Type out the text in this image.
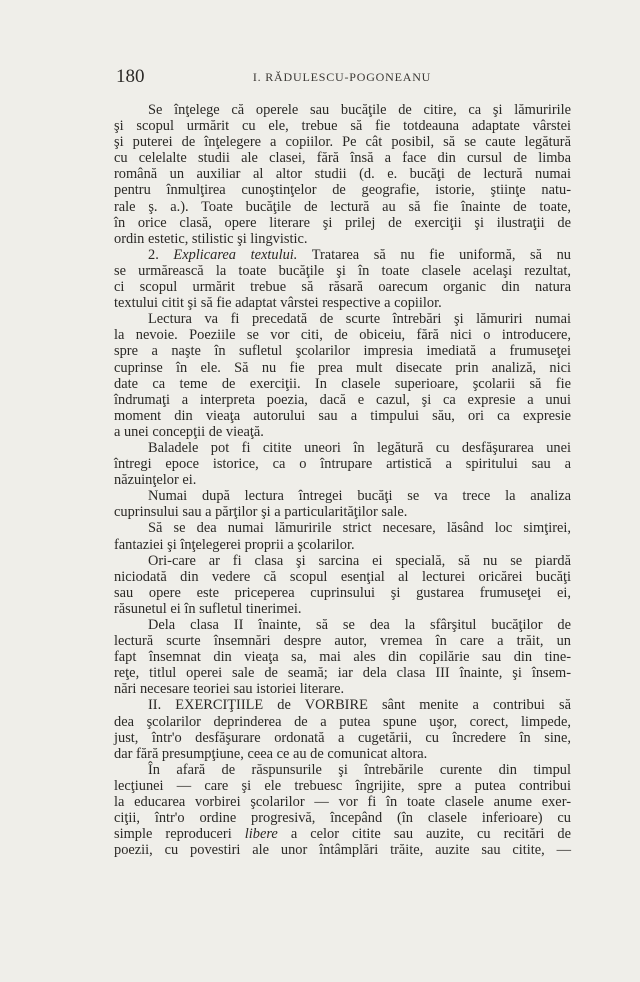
180	I. RĂDULESCU-POGONEANU
Se înţelege că operele sau bucăţile de citire, ca şi lămuririle
şi scopul urmărit cu ele, trebue să fie totdeauna adaptate vârstei
şi puterei de înţelegere a copiilor. Pe cât posibil, să se caute legătură
cu celelalte studii ale clasei, fără însă a face din cursul de limba
română un auxiliar al altor studii (d. e. bucăţi de lectură numai
pentru înmulţirea cunoştinţelor de geografie, istorie, ştiinţe natu-
rale ş. a.). Toate bucăţile de lectură au să fie înainte de toate,
în orice clasă, opere literare şi prilej de exerciţii şi ilustraţii de
ordin estetic, stilistic şi lingvistic.
2. Explicarea textului. Tratarea să nu fie uniformă, să nu
se urmărească la toate bucăţile şi în toate clasele acelaşi rezultat,
ci scopul urmărit trebue să răsară oarecum organic din natura
textului citit şi să fie adaptat vârstei respective a copiilor.
Lectura va fi precedată de scurte întrebări şi lămuriri numai
la nevoie. Poeziile se vor citi, de obiceiu, fără nici o introducere,
spre a naşte în sufletul şcolarilor impresia imediată a frumuseţei
cuprinse în ele. Să nu fie prea mult disecate prin analiză, nici
date ca teme de exerciţii. In clasele superioare, şcolarii să fie
îndrumaţi a interpreta poezia, dacă e cazul, şi ca expresie a unui
moment din vieaţa autorului sau a timpului său, ori ca expresie
a unei concepţii de vieaţă.
Baladele pot fi citite uneori în legătură cu desfăşurarea unei
întregi epoce istorice, ca o întrupare artistică a spiritului sau a
năzuinţelor ei.
Numai după lectura întregei bucăţi se va trece la analiza
cuprinsului sau a părţilor şi a particularităţilor sale.
Să se dea numai lămuririle strict necesare, lăsând loc simţirei,
fantaziei şi înţelegerei proprii a şcolarilor.
Ori-care ar fi clasa şi sarcina ei specială, să nu se piardă
niciodată din vedere că scopul esenţial al lecturei oricărei bucăţi
sau opere este priceperea cuprinsului şi gustarea frumuseţei ei,
răsunetul ei în sufletul tinerimei.
Dela clasa II înainte, să se dea la sfârşitul bucăţilor de
lectură scurte însemnări despre autor, vremea în care a trăit, un
fapt însemnat din vieaţa sa, mai ales din copilărie sau din tine-
reţe, titlul operei sale de seamă; iar dela clasa III înainte, şi însem-
nări necesare teoriei sau istoriei literare.
II. EXERCIŢIILE de VORBIRE sânt menite a contribui să
dea şcolarilor deprinderea de a putea spune uşor, corect, limpede,
just, într'o desfăşurare ordonată a cugetării, cu încredere în sine,
dar fără presumpţiune, ceea ce au de comunicat altora.
În afară de răspunsurile şi întrebările curente din timpul
lecţiunei — care şi ele trebuesc îngrijite, spre a putea contribui
la educarea vorbirei şcolarilor — vor fi în toate clasele anume exer-
ciţii, într'o ordine progresivă, începând (în clasele inferioare) cu
simple reproduceri libere a celor citite sau auzite, cu recitări de
poezii, cu povestiri ale unor întâmplări trăite, auzite sau citite, —
